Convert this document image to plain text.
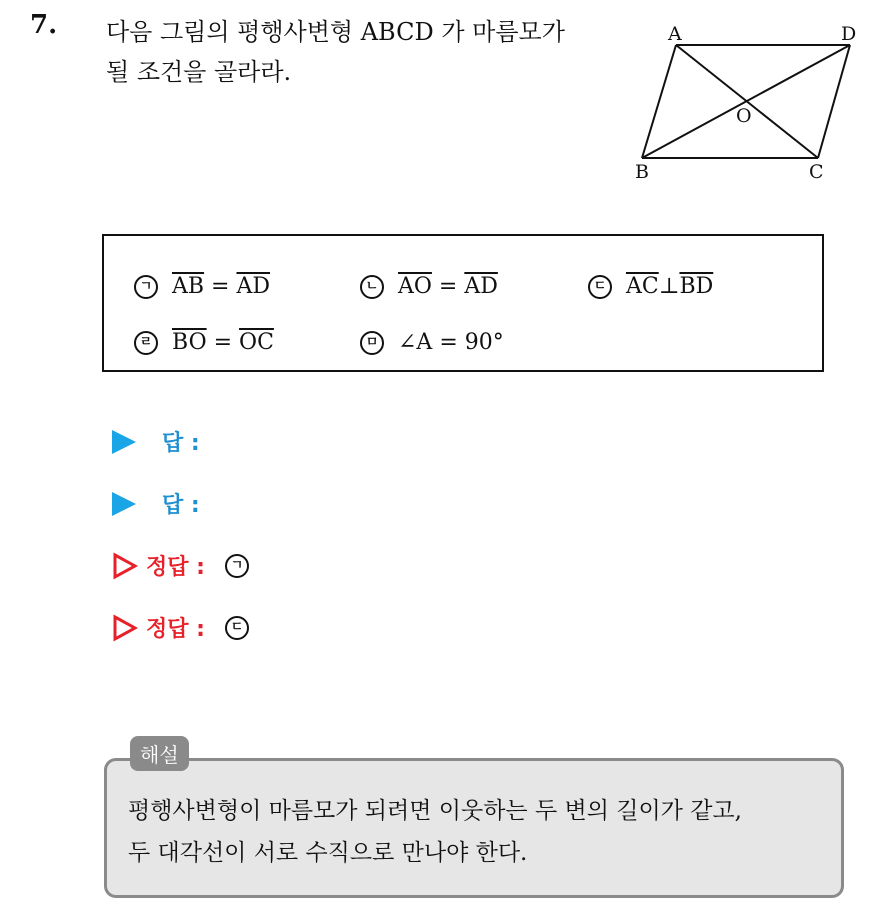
7. 다음 그림의 평행사변형 ABCD 가 마름모가
될 조건을 골라라.
A	D
B	C
O
ㄱ $\overline{AB} = \overline{AD}$	ㄴ $\overline{AO} = \overline{AD}$	ㄷ $\overline{AC}$ ⊥ $\overline{BD}$
ㄹ $\overline{BO} = \overline{OC}$	ㅁ ∠A = 90°
답 :
답 :
정답 :	ㄱ
정답 :	ㄷ
해설
평행사변형이 마름모가 되려면 이웃하는 두 변의 길이가 같고,
두 대각선이 서로 수직으로 만나야 한다.
